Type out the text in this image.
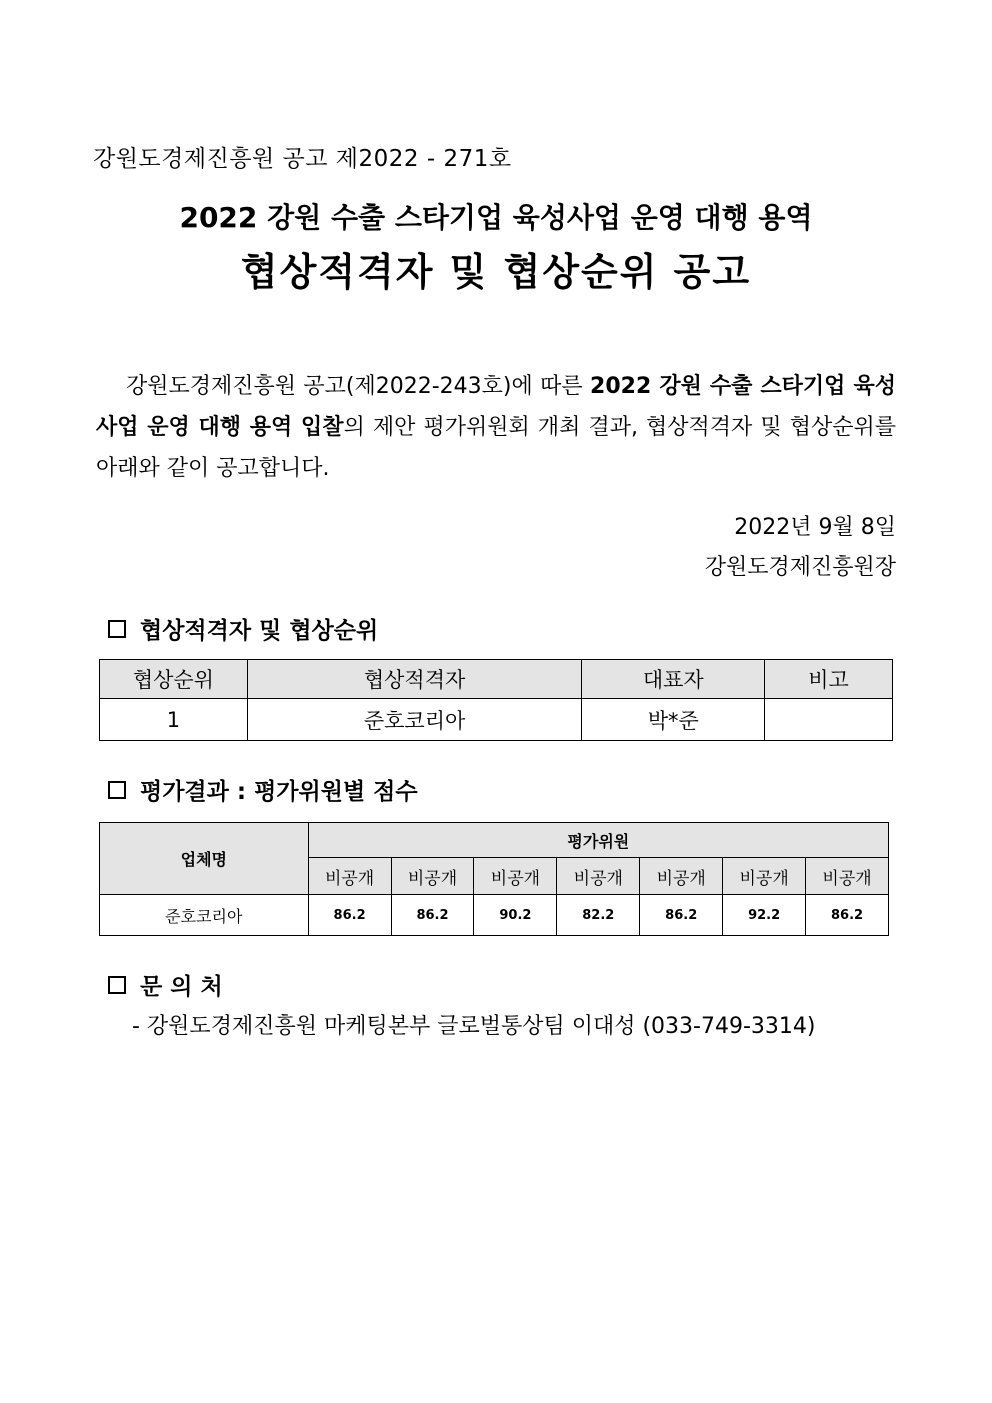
강원도경제진흥원 공고 제2022 - 271호
2022 강원 수출 스타기업 육성사업 운영 대행 용역
협상적격자 및 협상순위 공고
강원도경제진흥원 공고(제2022-243호)에 따른 2022 강원 수출 스타기업 육성사업 운영 대행 용역 입찰의 제안 평가위원회 개최 결과, 협상적격자 및 협상순위를 아래와 같이 공고합니다.
2022년 9월 8일
강원도경제진흥원장
협상적격자 및 협상순위
협상순위	협상적격자	대표자	비고
1	준호코리아	박*준	
평가결과 : 평가위원별 점수
업체명	평가위원						
	비공개	비공개	비공개	비공개	비공개	비공개	비공개
준호코리아	86.2	86.2	90.2	82.2	86.2	92.2	86.2
문 의 처
- 강원도경제진흥원 마케팅본부 글로벌통상팀 이대성 (033-749-3314)
